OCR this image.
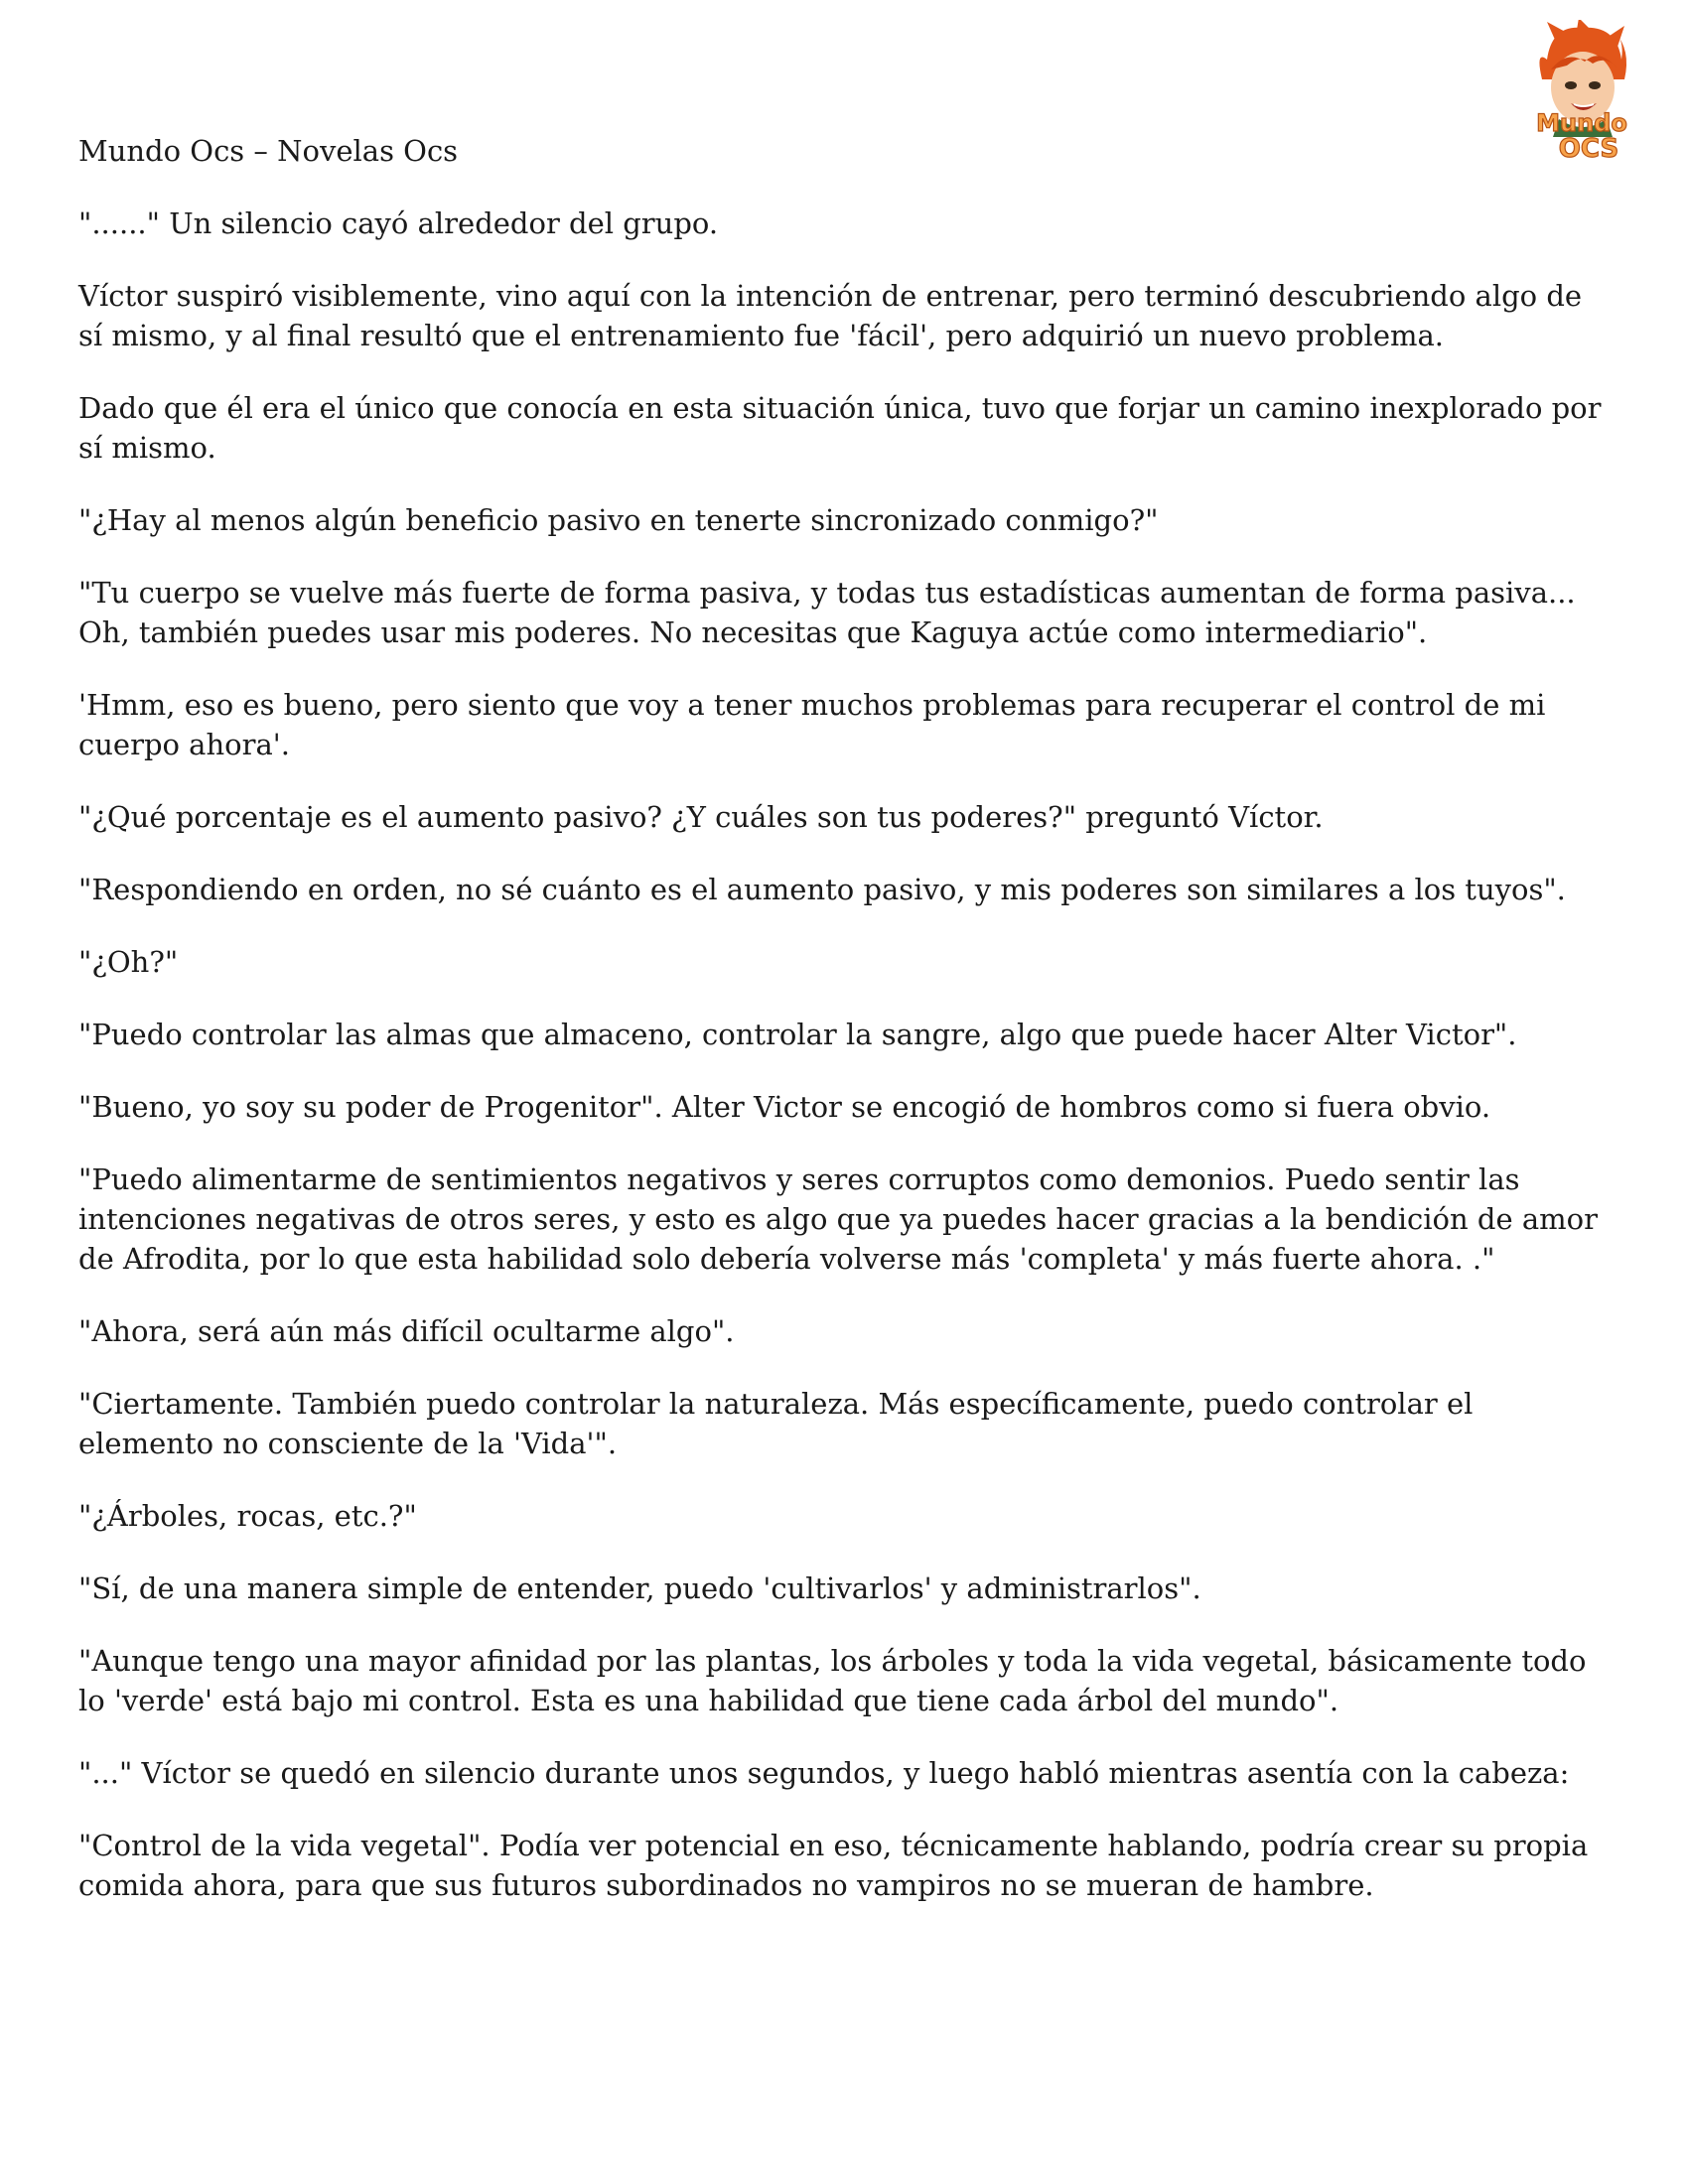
Mundo Ocs – Novelas Ocs
Mundo
OCS

"......" Un silencio cayó alrededor del grupo.

Víctor suspiró visiblemente, vino aquí con la intención de entrenar, pero terminó descubriendo algo de sí mismo, y al final resultó que el entrenamiento fue 'fácil', pero adquirió un nuevo problema.

Dado que él era el único que conocía en esta situación única, tuvo que forjar un camino inexplorado por sí mismo.

"¿Hay al menos algún beneficio pasivo en tenerte sincronizado conmigo?"

"Tu cuerpo se vuelve más fuerte de forma pasiva, y todas tus estadísticas aumentan de forma pasiva... Oh, también puedes usar mis poderes. No necesitas que Kaguya actúe como intermediario".

'Hmm, eso es bueno, pero siento que voy a tener muchos problemas para recuperar el control de mi cuerpo ahora'.

"¿Qué porcentaje es el aumento pasivo? ¿Y cuáles son tus poderes?" preguntó Víctor.

"Respondiendo en orden, no sé cuánto es el aumento pasivo, y mis poderes son similares a los tuyos".

"¿Oh?"

"Puedo controlar las almas que almaceno, controlar la sangre, algo que puede hacer Alter Victor".

"Bueno, yo soy su poder de Progenitor". Alter Victor se encogió de hombros como si fuera obvio.

"Puedo alimentarme de sentimientos negativos y seres corruptos como demonios. Puedo sentir las intenciones negativas de otros seres, y esto es algo que ya puedes hacer gracias a la bendición de amor de Afrodita, por lo que esta habilidad solo debería volverse más 'completa' y más fuerte ahora. ."

"Ahora, será aún más difícil ocultarme algo".

"Ciertamente. También puedo controlar la naturaleza. Más específicamente, puedo controlar el elemento no consciente de la 'Vida'".

"¿Árboles, rocas, etc.?"

"Sí, de una manera simple de entender, puedo 'cultivarlos' y administrarlos".

"Aunque tengo una mayor afinidad por las plantas, los árboles y toda la vida vegetal, básicamente todo lo 'verde' está bajo mi control. Esta es una habilidad que tiene cada árbol del mundo".

"..." Víctor se quedó en silencio durante unos segundos, y luego habló mientras asentía con la cabeza:

"Control de la vida vegetal". Podía ver potencial en eso, técnicamente hablando, podría crear su propia comida ahora, para que sus futuros subordinados no vampiros no se mueran de hambre.
